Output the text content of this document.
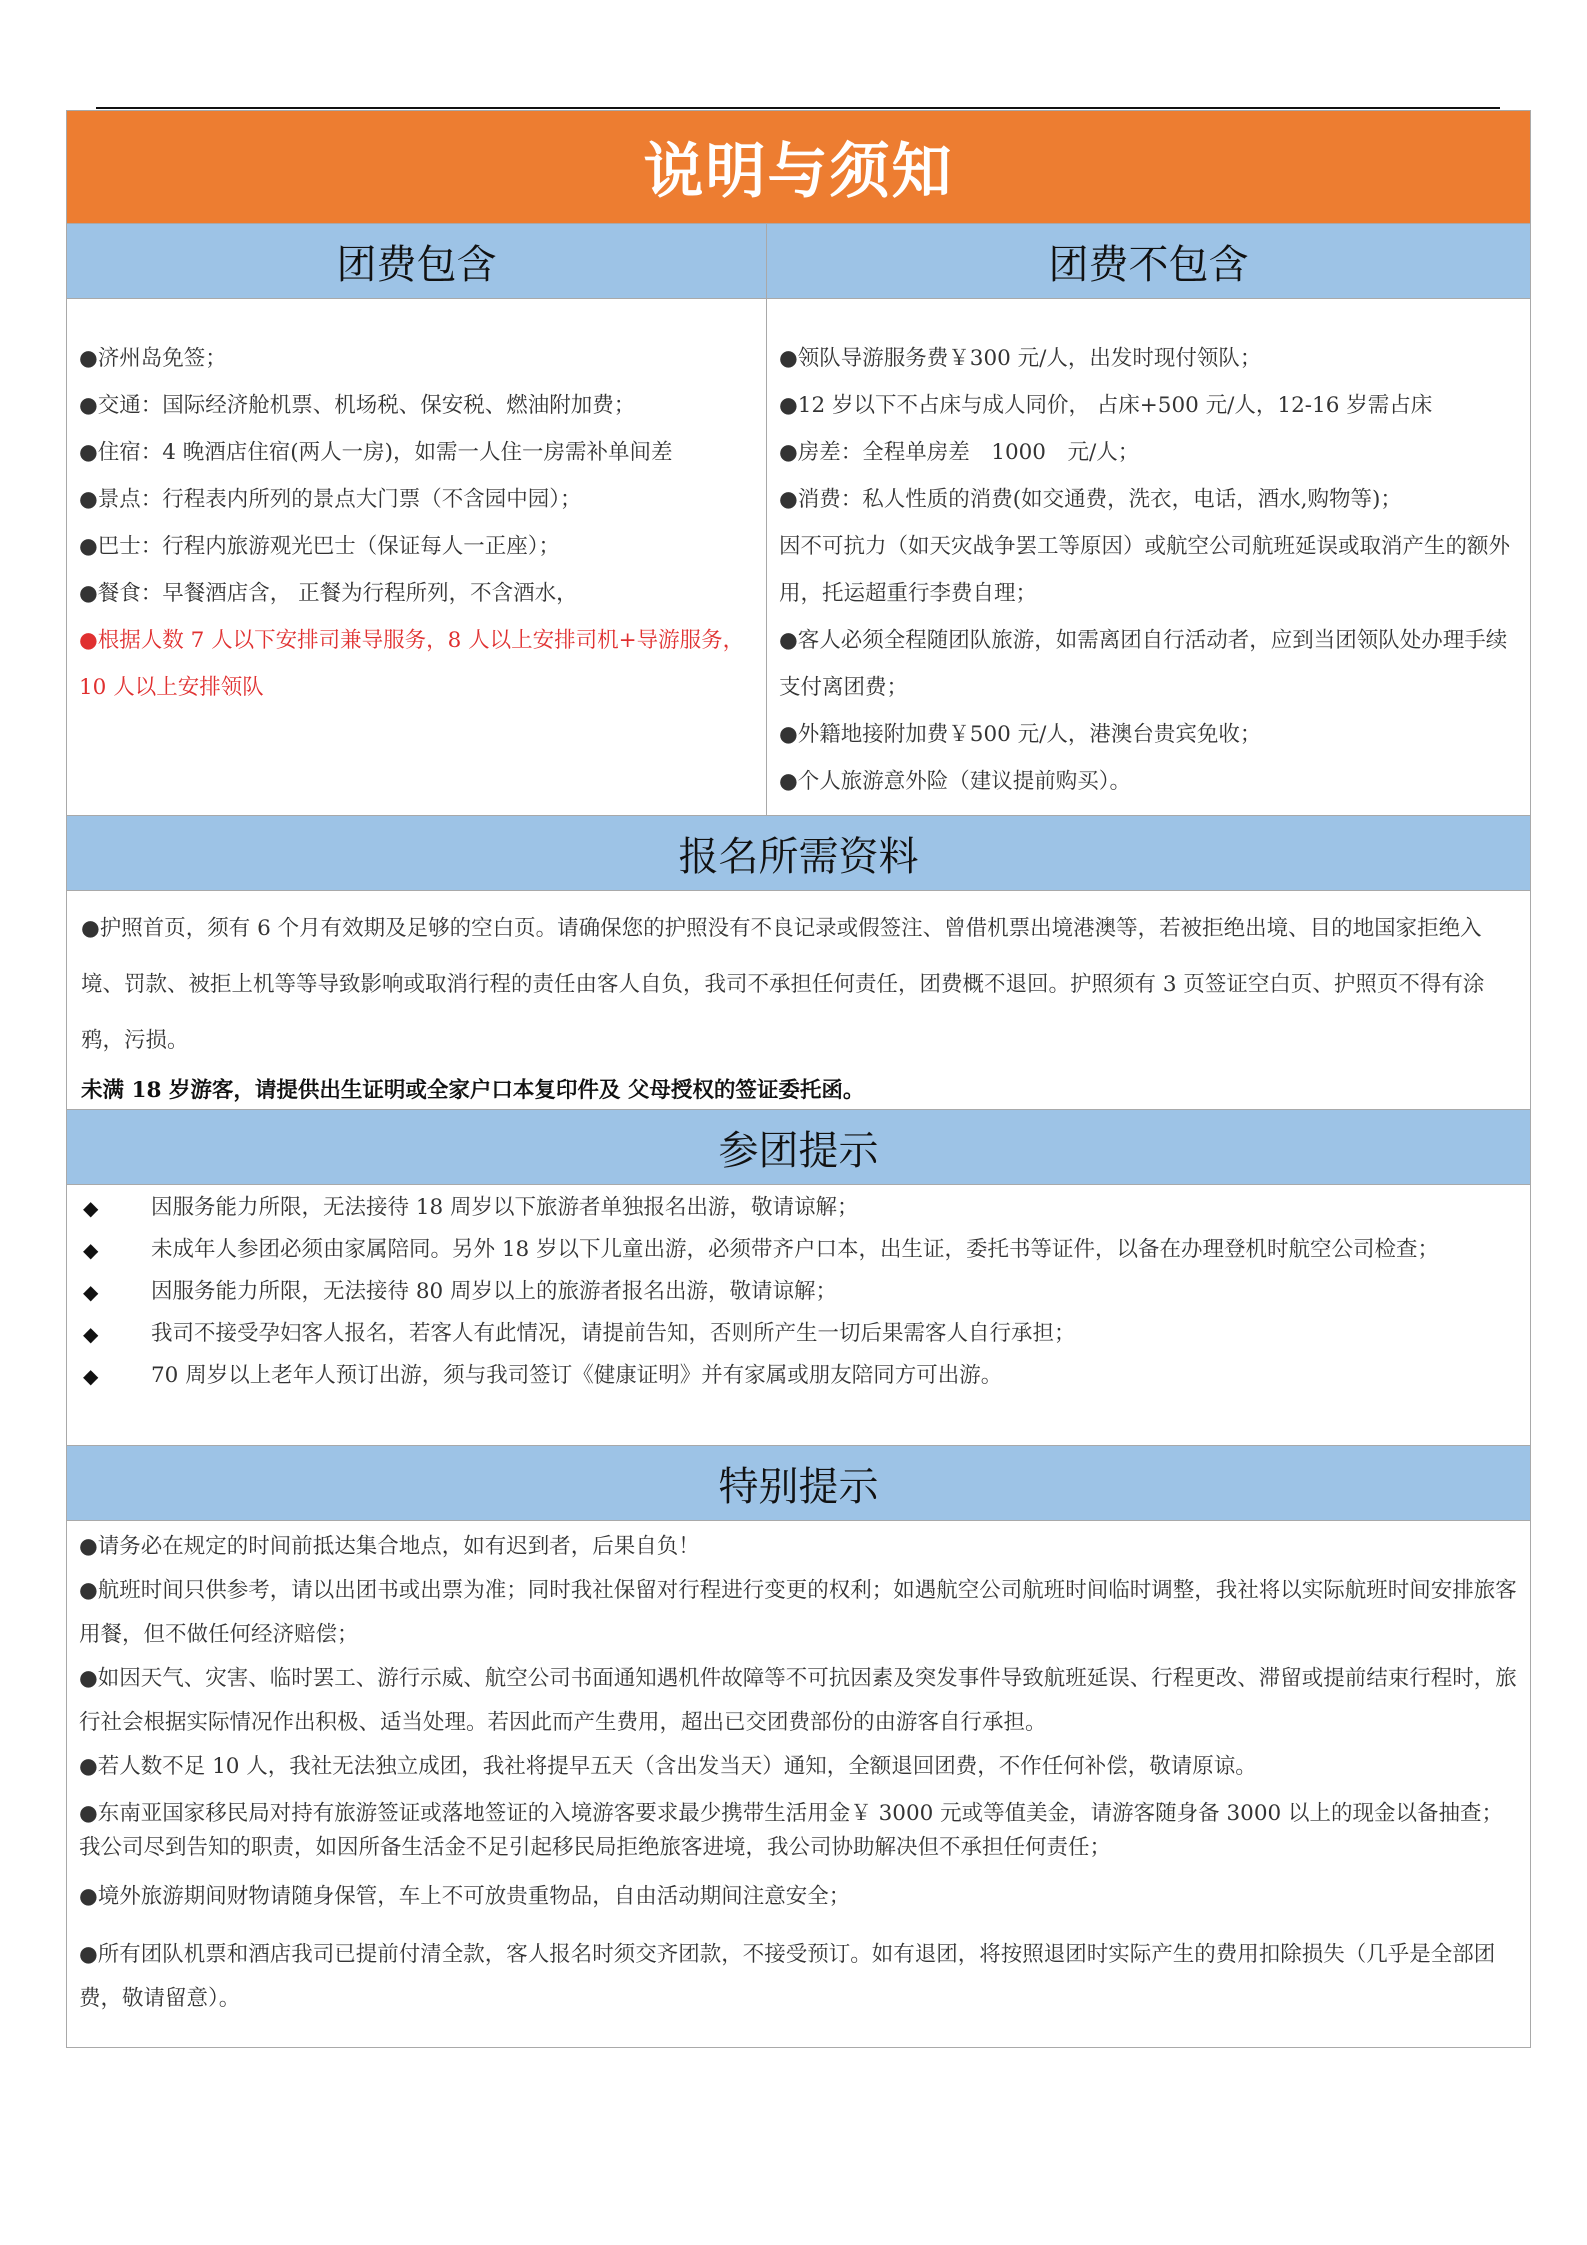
说明与须知
团费包含
●济州岛免签；
●交通：国际经济舱机票、机场税、保安税、燃油附加费；
●住宿：4 晚酒店住宿(两人一房)，如需一人住一房需补单间差
●景点：行程表内所列的景点大门票（不含园中园）；
●巴士：行程内旅游观光巴士（保证每人一正座）；
●餐食：早餐酒店含， 正餐为行程所列，不含酒水，
●根据人数 7 人以下安排司兼导服务，8 人以上安排司机+导游服务，10 人以上安排领队
团费不包含
●领队导游服务费￥300 元/人，出发时现付领队；
●12 岁以下不占床与成人同价， 占床+500 元/人，12-16 岁需占床
●房差：全程单房差　1000　元/人；
●消费：私人性质的消费(如交通费，洗衣，电话，酒水,购物等)；
因不可抗力（如天灾战争罢工等原因）或航空公司航班延误或取消产生的额外用，托运超重行李费自理；
●客人必须全程随团队旅游，如需离团自行活动者，应到当团领队处办理手续支付离团费；
●外籍地接附加费￥500 元/人，港澳台贵宾免收；
●个人旅游意外险（建议提前购买）。
报名所需资料
●护照首页，须有 6 个月有效期及足够的空白页。请确保您的护照没有不良记录或假签注、曾借机票出境港澳等，若被拒绝出境、目的地国家拒绝入境、罚款、被拒上机等等导致影响或取消行程的责任由客人自负，我司不承担任何责任，团费概不退回。护照须有 3 页签证空白页、护照页不得有涂鸦，污损。
未满 18 岁游客，请提供出生证明或全家户口本复印件及 父母授权的签证委托函。
参团提示
◆	因服务能力所限，无法接待 18 周岁以下旅游者单独报名出游，敬请谅解；
◆	未成年人参团必须由家属陪同。另外 18 岁以下儿童出游，必须带齐户口本，出生证，委托书等证件，以备在办理登机时航空公司检查；
◆	因服务能力所限，无法接待 80 周岁以上的旅游者报名出游，敬请谅解；
◆	我司不接受孕妇客人报名，若客人有此情况，请提前告知，否则所产生一切后果需客人自行承担；
◆	70 周岁以上老年人预订出游，须与我司签订《健康证明》并有家属或朋友陪同方可出游。
特别提示
●请务必在规定的时间前抵达集合地点，如有迟到者，后果自负！
●航班时间只供参考，请以出团书或出票为准；同时我社保留对行程进行变更的权利；如遇航空公司航班时间临时调整，我社将以实际航班时间安排旅客用餐，但不做任何经济赔偿；
●如因天气、灾害、临时罢工、游行示威、航空公司书面通知遇机件故障等不可抗因素及突发事件导致航班延误、行程更改、滞留或提前结束行程时，旅行社会根据实际情况作出积极、适当处理。若因此而产生费用，超出已交团费部份的由游客自行承担。
●若人数不足 10 人，我社无法独立成团，我社将提早五天（含出发当天）通知，全额退回团费，不作任何补偿，敬请原谅。
●东南亚国家移民局对持有旅游签证或落地签证的入境游客要求最少携带生活用金￥ 3000 元或等值美金，请游客随身备 3000 以上的现金以备抽查；我公司尽到告知的职责，如因所备生活金不足引起移民局拒绝旅客进境，我公司协助解决但不承担任何责任；
●境外旅游期间财物请随身保管，车上不可放贵重物品，自由活动期间注意安全；
●所有团队机票和酒店我司已提前付清全款，客人报名时须交齐团款，不接受预订。如有退团，将按照退团时实际产生的费用扣除损失（几乎是全部团费，敬请留意）。
